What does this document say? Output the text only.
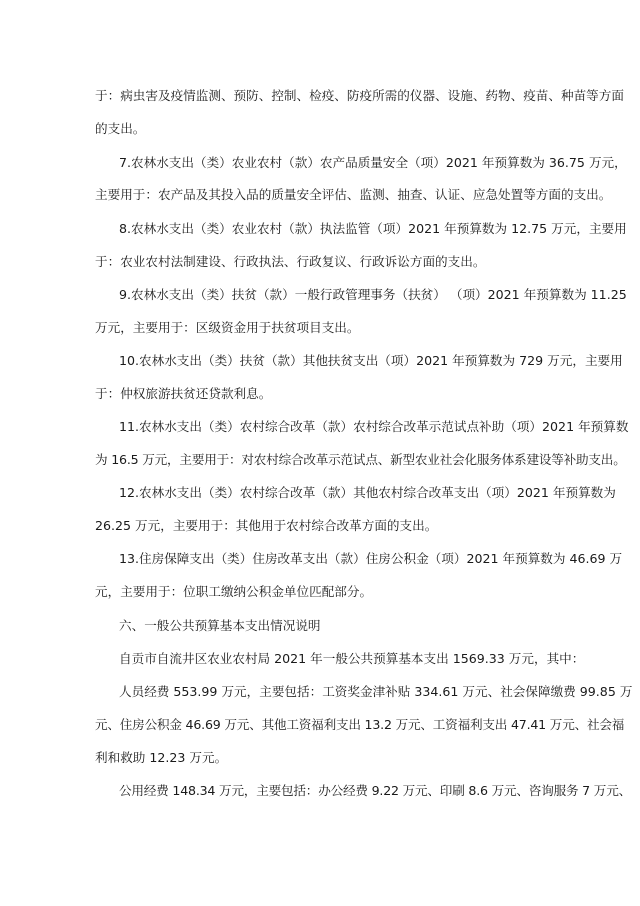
于：病虫害及疫情监测、预防、控制、检疫、防疫所需的仪器、设施、药物、疫苗、种苗等方面
的支出。
7.农林水支出（类）农业农村（款）农产品质量安全（项）2021 年预算数为 36.75 万元，
主要用于：农产品及其投入品的质量安全评估、监测、抽查、认证、应急处置等方面的支出。
8.农林水支出（类）农业农村（款）执法监管（项）2021 年预算数为 12.75 万元，主要用
于：农业农村法制建设、行政执法、行政复议、行政诉讼方面的支出。
9.农林水支出（类）扶贫（款）一般行政管理事务（扶贫） （项）2021 年预算数为 11.25
万元，主要用于：区级资金用于扶贫项目支出。
10.农林水支出（类）扶贫（款）其他扶贫支出（项）2021 年预算数为 729 万元，主要用
于：仲权旅游扶贫还贷款利息。
11.农林水支出（类）农村综合改革（款）农村综合改革示范试点补助（项）2021 年预算数
为 16.5 万元，主要用于：对农村综合改革示范试点、新型农业社会化服务体系建设等补助支出。
12.农林水支出（类）农村综合改革（款）其他农村综合改革支出（项）2021 年预算数为
26.25 万元，主要用于：其他用于农村综合改革方面的支出。
13.住房保障支出（类）住房改革支出（款）住房公积金（项）2021 年预算数为 46.69 万
元，主要用于：位职工缴纳公积金单位匹配部分。
六、一般公共预算基本支出情况说明
自贡市自流井区农业农村局 2021 年一般公共预算基本支出 1569.33 万元，其中：
人员经费 553.99 万元，主要包括：工资奖金津补贴 334.61 万元、社会保障缴费 99.85 万
元、住房公积金 46.69 万元、其他工资福利支出 13.2 万元、工资福利支出 47.41 万元、社会福
利和救助 12.23 万元。
公用经费 148.34 万元，主要包括：办公经费 9.22 万元、印刷 8.6 万元、咨询服务 7 万元、
